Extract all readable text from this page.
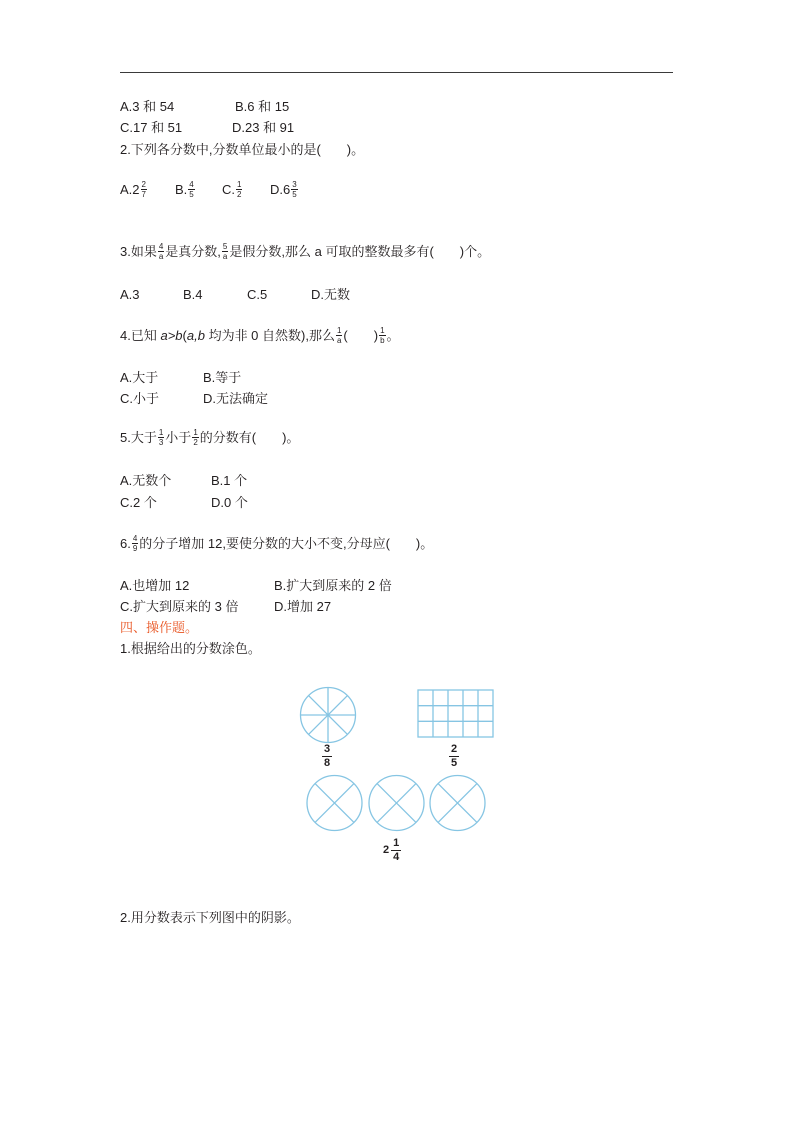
A.3 和 54	B.6 和 15
C.17 和 51	D.23 和 91
2.下列各分数中,分数单位最小的是(　　)。
$A.2 \frac{2}{7} B$. $\frac{4}{5} C$. $\frac{1}{2} D.6 \frac{3}{5}$
3.如果 $\frac{4}{a}$ 是真分数, $\frac{5}{a}$ 是假分数,那么 a 可取的整数最多有(　　)个。
A.3	B.4	C.5	D.无数
4.已知 a>b(a,b 均为非 0 自然数),那么 $\frac{1}{a}$ (　　) $\frac{1}{b}$ 。
A.大于	B.等于
C.小于	D.无法确定
5.大于 $\frac{1}{3}$ 小于 $\frac{1}{2}$ 的分数有(　　)。
A.无数个	B.1 个
C.2 个	D.0 个
6. $\frac{4}{9}$ 的分子增加 12,要使分数的大小不变,分母应(　　)。
A.也增加 12	B.扩大到原来的 2 倍
C.扩大到原来的 3 倍	D.增加 27
四、操作题。
1.根据给出的分数涂色。
$\frac{3}{8}$	$\frac{2}{5}$
$2 \frac{1}{4}$
2.用分数表示下列图中的阴影。
